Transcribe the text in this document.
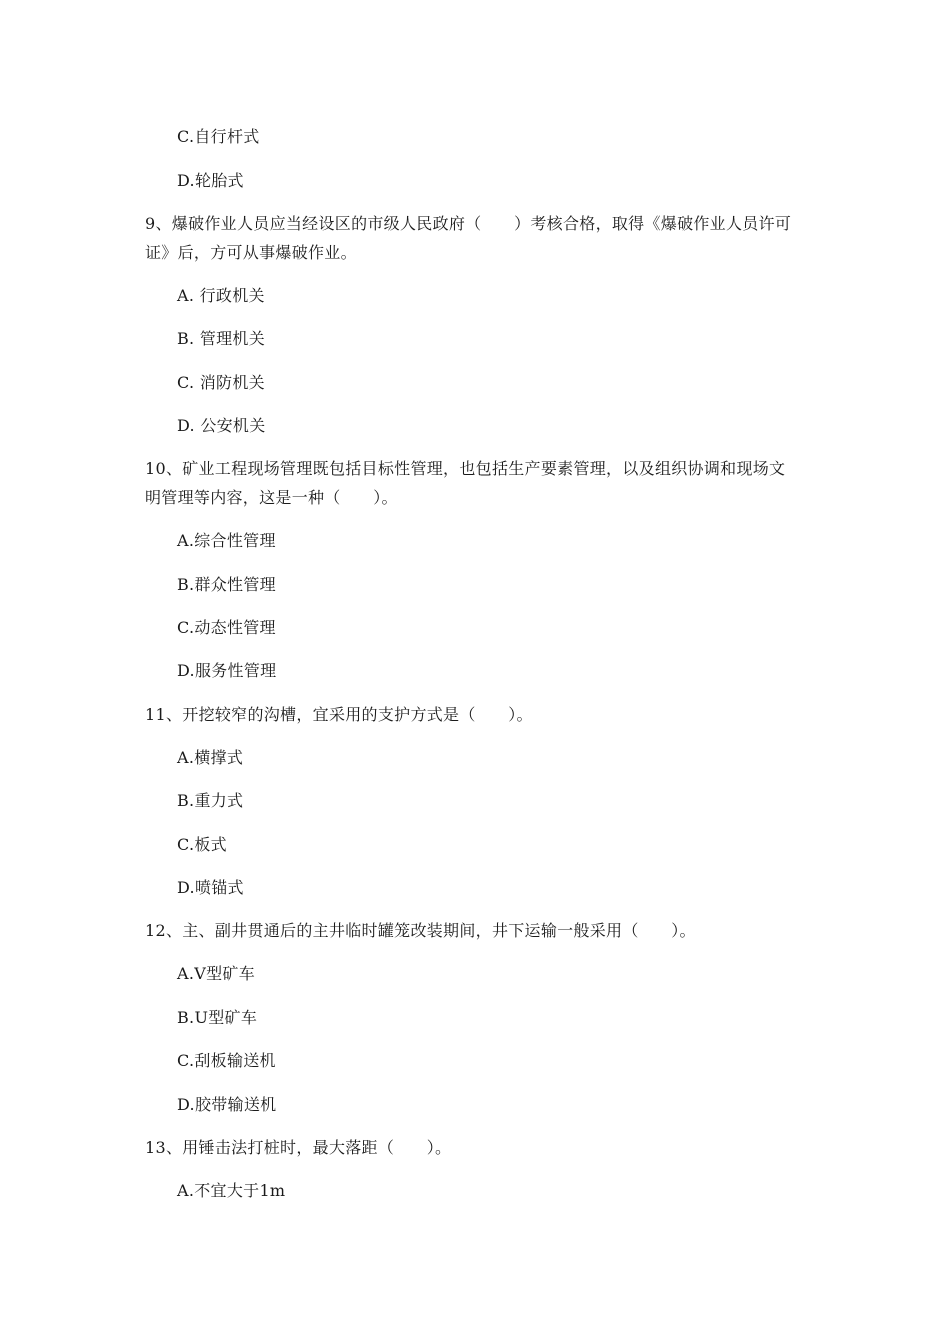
C.自行杆式
D.轮胎式
9、爆破作业人员应当经设区的市级人民政府（　　）考核合格，取得《爆破作业人员许可
证》后，方可从事爆破作业。
A. 行政机关
B. 管理机关
C. 消防机关
D. 公安机关
10、矿业工程现场管理既包括目标性管理，也包括生产要素管理，以及组织协调和现场文
明管理等内容，这是一种（　　）。
A.综合性管理
B.群众性管理
C.动态性管理
D.服务性管理
11、开挖较窄的沟槽，宜采用的支护方式是（　　）。
A.横撑式
B.重力式
C.板式
D.喷锚式
12、主、副井贯通后的主井临时罐笼改装期间，井下运输一般采用（　　）。
A.V型矿车
B.U型矿车
C.刮板输送机
D.胶带输送机
13、用锤击法打桩时，最大落距（　　）。
A.不宜大于1m
